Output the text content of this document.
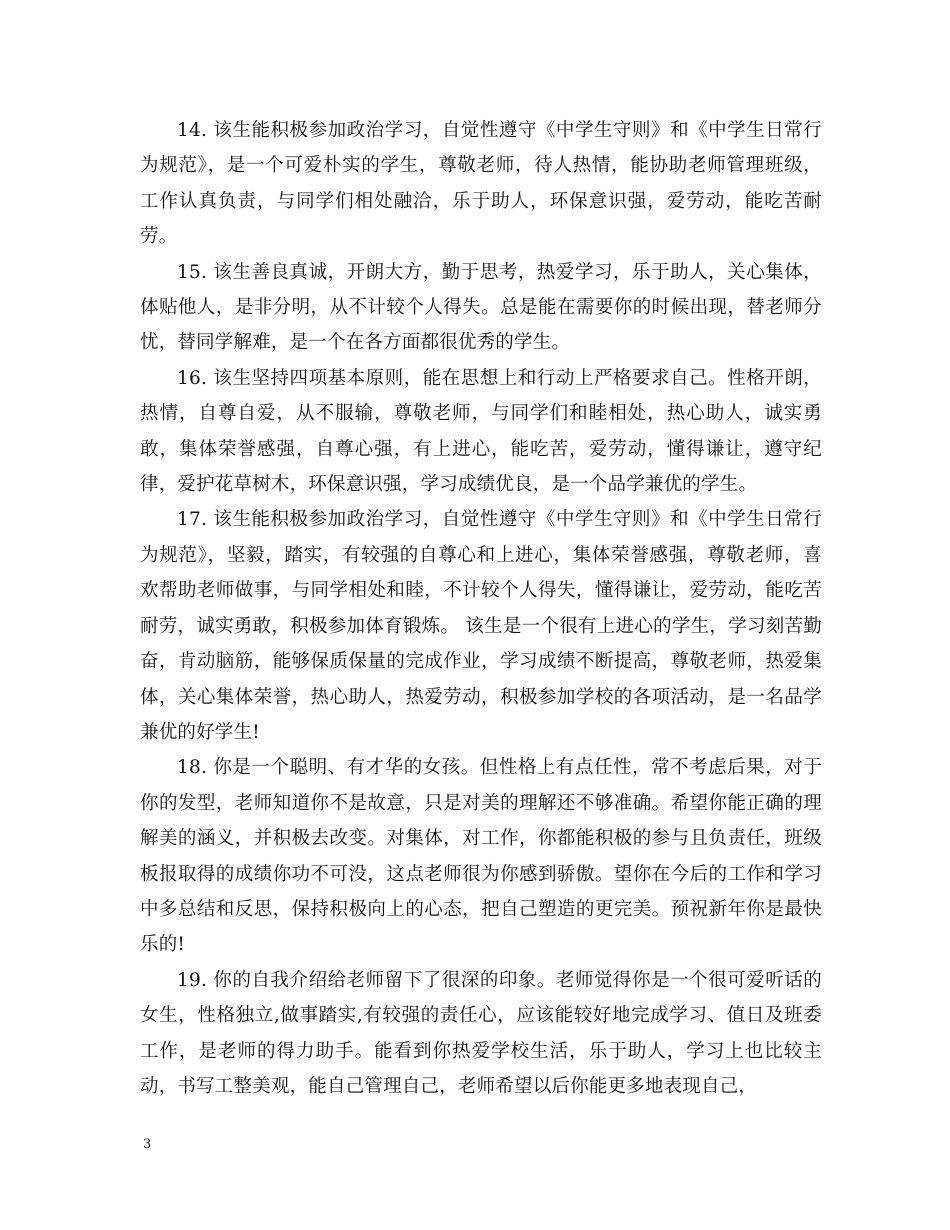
14. 该生能积极参加政治学习，自觉性遵守《中学生守则》和《中学生日常行为规范》，是一个可爱朴实的学生，尊敬老师，待人热情，能协助老师管理班级，工作认真负责，与同学们相处融洽，乐于助人，环保意识强，爱劳动，能吃苦耐劳。

15. 该生善良真诚，开朗大方，勤于思考，热爱学习，乐于助人，关心集体，体贴他人，是非分明，从不计较个人得失。总是能在需要你的时候出现，替老师分忧，替同学解难，是一个在各方面都很优秀的学生。

16. 该生坚持四项基本原则，能在思想上和行动上严格要求自己。性格开朗，热情，自尊自爱，从不服输，尊敬老师，与同学们和睦相处，热心助人，诚实勇敢，集体荣誉感强，自尊心强，有上进心，能吃苦，爱劳动，懂得谦让，遵守纪律，爱护花草树木，环保意识强，学习成绩优良，是一个品学兼优的学生。

17. 该生能积极参加政治学习，自觉性遵守《中学生守则》和《中学生日常行为规范》，坚毅，踏实，有较强的自尊心和上进心，集体荣誉感强，尊敬老师，喜欢帮助老师做事，与同学相处和睦，不计较个人得失，懂得谦让，爱劳动，能吃苦耐劳，诚实勇敢，积极参加体育锻炼。 该生是一个很有上进心的学生，学习刻苦勤奋，肯动脑筋，能够保质保量的完成作业，学习成绩不断提高，尊敬老师，热爱集体，关心集体荣誉，热心助人，热爱劳动，积极参加学校的各项活动，是一名品学兼优的好学生!

18. 你是一个聪明、有才华的女孩。但性格上有点任性，常不考虑后果，对于你的发型，老师知道你不是故意，只是对美的理解还不够准确。希望你能正确的理解美的涵义，并积极去改变。对集体，对工作，你都能积极的参与且负责任，班级板报取得的成绩你功不可没，这点老师很为你感到骄傲。望你在今后的工作和学习中多总结和反思，保持积极向上的心态，把自己塑造的更完美。预祝新年你是最快乐的!

19. 你的自我介绍给老师留下了很深的印象。老师觉得你是一个很可爱听话的女生，性格独立,做事踏实,有较强的责任心，应该能较好地完成学习、值日及班委工作，是老师的得力助手。能看到你热爱学校生活，乐于助人，学习上也比较主动，书写工整美观，能自己管理自己，老师希望以后你能更多地表现自己，

3
